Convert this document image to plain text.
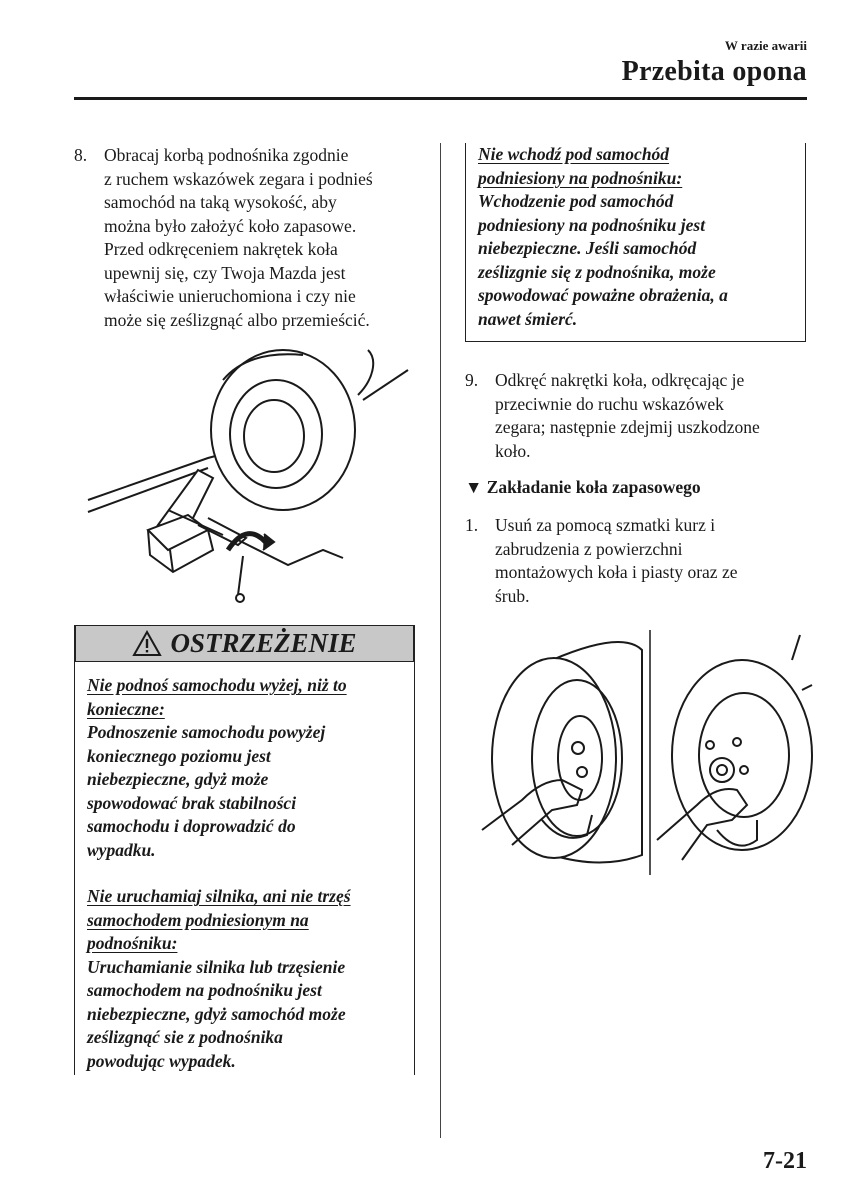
W razie awarii
Przebita opona
8. Obracaj korbą podnośnika zgodnie
z ruchem wskazówek zegara i podnieś
samochód na taką wysokość, aby
można było założyć koło zapasowe.
Przed odkręceniem nakrętek koła
upewnij się, czy Twoja Mazda jest
właściwie unieruchomiona i czy nie
może się ześlizgnąć albo przemieścić.
OSTRZEŻENIE
Nie podnoś samochodu wyżej, niż to
konieczne:
Podnoszenie samochodu powyżej
koniecznego poziomu jest
niebezpieczne, gdyż może
spowodować brak stabilności
samochodu i doprowadzić do
wypadku.
Nie uruchamiaj silnika, ani nie trzęś
samochodem podniesionym na
podnośniku:
Uruchamianie silnika lub trzęsienie
samochodem na podnośniku jest
niebezpieczne, gdyż samochód może
ześlizgnąć sie z podnośnika
powodując wypadek.
Nie wchodź pod samochód
podniesiony na podnośniku:
Wchodzenie pod samochód
podniesiony na podnośniku jest
niebezpieczne. Jeśli samochód
ześlizgnie się z podnośnika, może
spowodować poważne obrażenia, a
nawet śmierć.
9. Odkręć nakrętki koła, odkręcając je
przeciwnie do ruchu wskazówek
zegara; następnie zdejmij uszkodzone
koło.
▼ Zakładanie koła zapasowego
1. Usuń za pomocą szmatki kurz i
zabrudzenia z powierzchni
montażowych koła i piasty oraz ze
śrub.
7-21
